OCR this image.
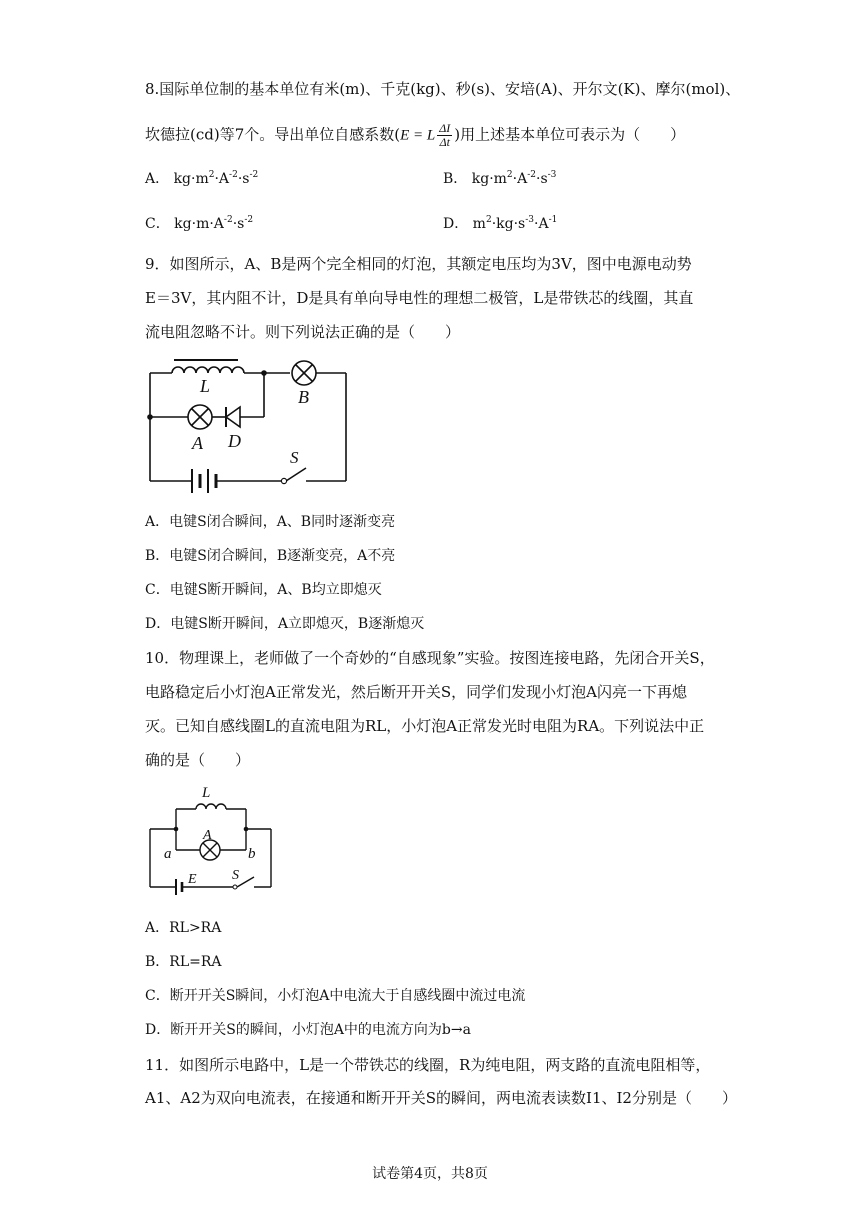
8.国际单位制的基本单位有米(m)、千克(kg)、秒(s)、安培(A)、开尔文(K)、摩尔(mol)、
坎德拉(cd)等7个。导出单位自感系数(E = L $\frac{\Delta I}{\Delta t}$ )用上述基本单位可表示为（　　）
A． $kg\cdot m^2\cdot A^{-2}\cdot s^{-2}$	B． $kg\cdot m^2\cdot A^{-2}\cdot s^{-3}$
C． $kg\cdot m\cdot A^{-2}\cdot s^{-2}$	D． $m^2\cdot kg\cdot s^{-3}\cdot A^{-1}$
9．如图所示，A、B是两个完全相同的灯泡，其额定电压均为3V，图中电源电动势
E＝3V，其内阻不计，D是具有单向导电性的理想二极管，L是带铁芯的线圈，其直
流电阻忽略不计。则下列说法正确的是（　　）
L
B
A D
S
A．电键S闭合瞬间，A、B同时逐渐变亮
B．电键S闭合瞬间，B逐渐变亮，A不亮
C．电键S断开瞬间，A、B均立即熄灭
D．电键S断开瞬间，A立即熄灭，B逐渐熄灭
10．物理课上，老师做了一个奇妙的“自感现象”实验。按图连接电路，先闭合开关S，
电路稳定后小灯泡A正常发光，然后断开开关S，同学们发现小灯泡A闪亮一下再熄
灭。已知自感线圈L的直流电阻为RL，小灯泡A正常发光时电阻为RA。下列说法中正
确的是（　　）
L
A
a	b
E	S
A．RL>RA
B．RL=RA
C．断开开关S瞬间，小灯泡A中电流大于自感线圈中流过电流
D．断开开关S的瞬间，小灯泡A中的电流方向为b→a
11．如图所示电路中，L是一个带铁芯的线圈，R为纯电阻，两支路的直流电阻相等，
A1、A2为双向电流表，在接通和断开开关S的瞬间，两电流表读数I1、I2分别是（　　）
试卷第4页，共8页
